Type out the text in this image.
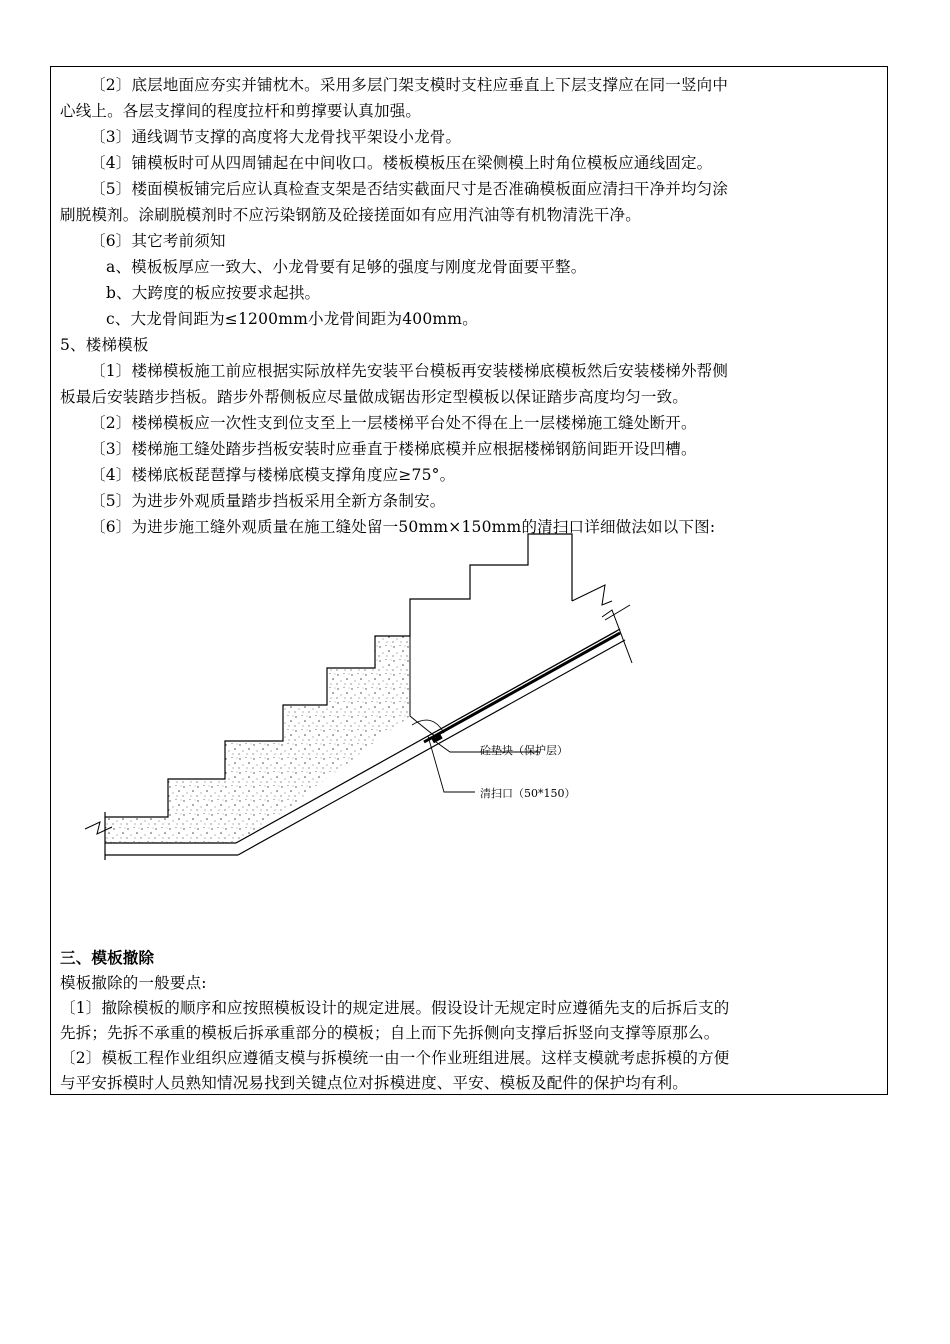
〔2〕底层地面应夯实并铺枕木。采用多层门架支模时支柱应垂直上下层支撑应在同一竖向中
心线上。各层支撑间的程度拉杆和剪撑要认真加强。
〔3〕通线调节支撑的高度将大龙骨找平架设小龙骨。
〔4〕铺模板时可从四周铺起在中间收口。楼板模板压在梁侧模上时角位模板应通线固定。
〔5〕楼面模板铺完后应认真检查支架是否结实截面尺寸是否准确模板面应清扫干净并均匀涂
刷脱模剂。涂刷脱模剂时不应污染钢筋及砼接搓面如有应用汽油等有机物清洗干净。
〔6〕其它考前须知
a、模板板厚应一致大、小龙骨要有足够的强度与刚度龙骨面要平整。
b、大跨度的板应按要求起拱。
c、大龙骨间距为≤1200mm小龙骨间距为400mm。
5、楼梯模板
〔1〕楼梯模板施工前应根据实际放样先安装平台模板再安装楼梯底模板然后安装楼梯外帮侧
板最后安装踏步挡板。踏步外帮侧板应尽量做成锯齿形定型模板以保证踏步高度均匀一致。
〔2〕楼梯模板应一次性支到位支至上一层楼梯平台处不得在上一层楼梯施工缝处断开。
〔3〕楼梯施工缝处踏步挡板安装时应垂直于楼梯底模并应根据楼梯钢筋间距开设凹槽。
〔4〕楼梯底板琵琶撑与楼梯底模支撑角度应≥75°。
〔5〕为进步外观质量踏步挡板采用全新方条制安。
〔6〕为进步施工缝外观质量在施工缝处留一50mm×150mm的清扫口详细做法如以下图:
砼垫块（保护层）
清扫口（50*150）
三、模板撤除
模板撤除的一般要点:
〔1〕撤除模板的顺序和应按照模板设计的规定进展。假设设计无规定时应遵循先支的后拆后支的
先拆；先拆不承重的模板后拆承重部分的模板；自上而下先拆侧向支撑后拆竖向支撑等原那么。
〔2〕模板工程作业组织应遵循支模与拆模统一由一个作业班组进展。这样支模就考虑拆模的方便
与平安拆模时人员熟知情况易找到关键点位对拆模进度、平安、模板及配件的保护均有利。
